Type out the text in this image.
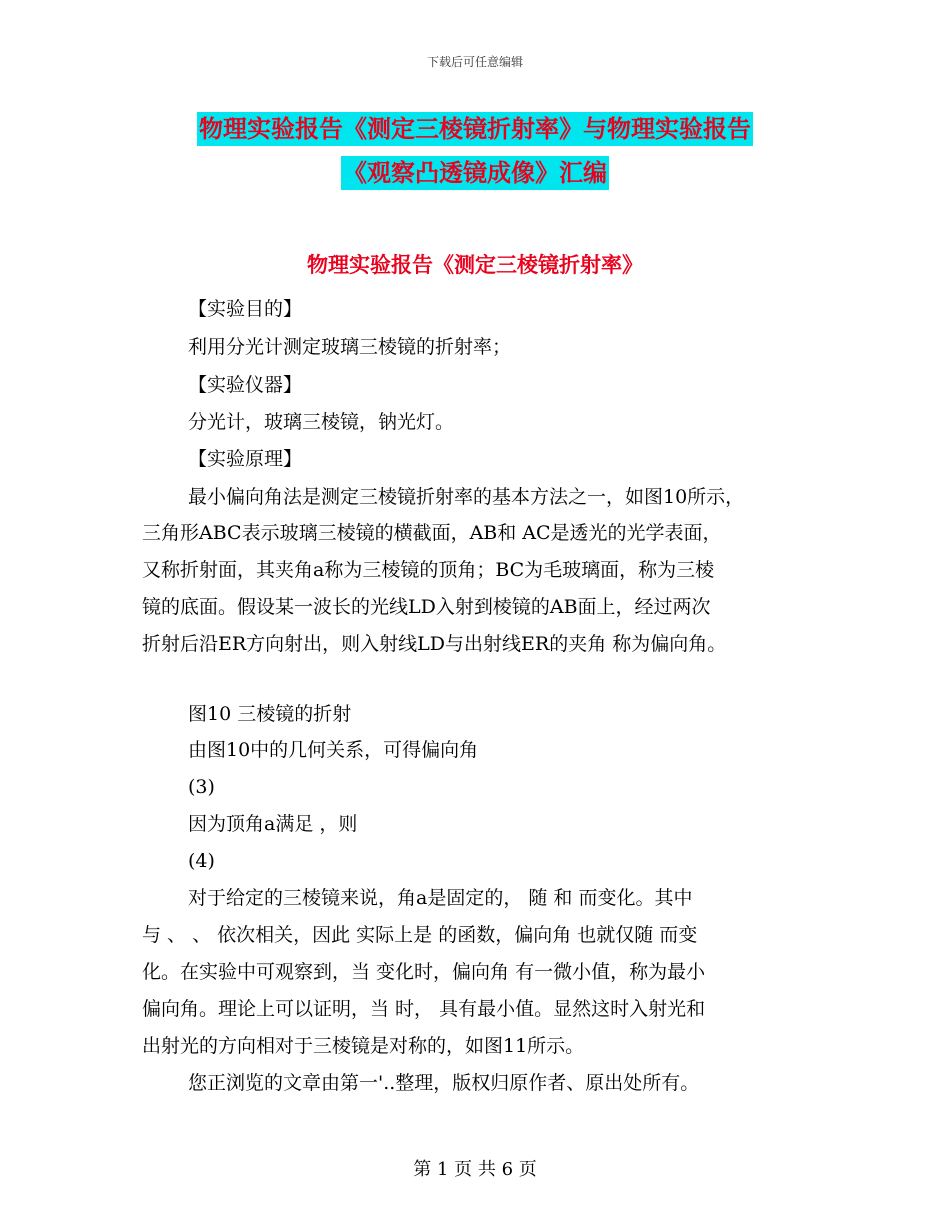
下载后可任意编辑
物理实验报告《测定三棱镜折射率》与物理实验报告
《观察凸透镜成像》汇编
物理实验报告《测定三棱镜折射率》
【实验目的】
利用分光计测定玻璃三棱镜的折射率；
【实验仪器】
分光计，玻璃三棱镜，钠光灯。
【实验原理】
最小偏向角法是测定三棱镜折射率的基本方法之一，如图10所示，
三角形ABC表示玻璃三棱镜的横截面，AB和 AC是透光的光学表面，
又称折射面，其夹角a称为三棱镜的顶角；BC为毛玻璃面，称为三棱
镜的底面。假设某一波长的光线LD入射到棱镜的AB面上，经过两次
折射后沿ER方向射出，则入射线LD与出射线ER的夹角 称为偏向角。
图10 三棱镜的折射
由图10中的几何关系，可得偏向角
(3)
因为顶角a满足 ，则
(4)
对于给定的三棱镜来说，角a是固定的， 随 和 而变化。其中
与 、 、 依次相关，因此 实际上是 的函数，偏向角 也就仅随 而变
化。在实验中可观察到，当 变化时，偏向角 有一微小值，称为最小
偏向角。理论上可以证明，当 时， 具有最小值。显然这时入射光和
出射光的方向相对于三棱镜是对称的，如图11所示。
您正浏览的文章由第一'..整理，版权归原作者、原出处所有。
第 1 页 共 6 页
